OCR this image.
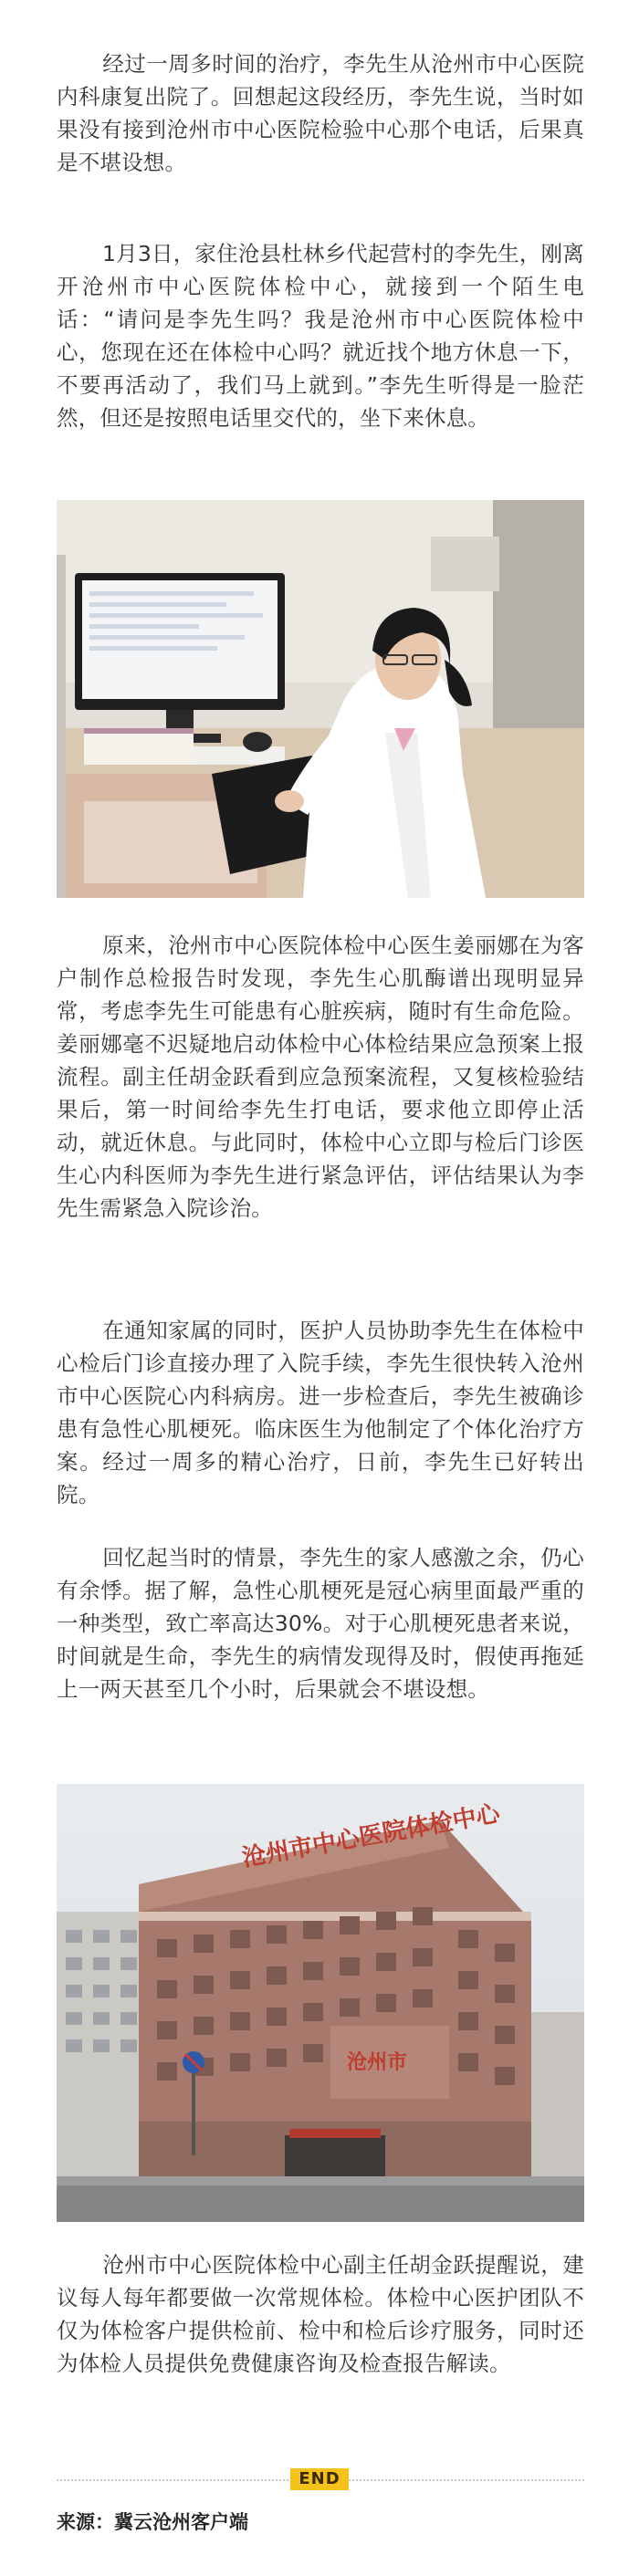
经过一周多时间的治疗，李先生从沧州市中心医院内科康复出院了。回想起这段经历，李先生说，当时如果没有接到沧州市中心医院检验中心那个电话，后果真是不堪设想。

1月3日，家住沧县杜林乡代起营村的李先生，刚离开沧州市中心医院体检中心，就接到一个陌生电话：“请问是李先生吗？我是沧州市中心医院体检中心，您现在还在体检中心吗？就近找个地方休息一下，不要再活动了，我们马上就到。”李先生听得是一脸茫然，但还是按照电话里交代的，坐下来休息。

原来，沧州市中心医院体检中心医生姜丽娜在为客户制作总检报告时发现，李先生心肌酶谱出现明显异常，考虑李先生可能患有心脏疾病，随时有生命危险。姜丽娜毫不迟疑地启动体检中心体检结果应急预案上报流程。副主任胡金跃看到应急预案流程，又复核检验结果后，第一时间给李先生打电话，要求他立即停止活动，就近休息。与此同时，体检中心立即与检后门诊医生心内科医师为李先生进行紧急评估，评估结果认为李先生需紧急入院诊治。

在通知家属的同时，医护人员协助李先生在体检中心检后门诊直接办理了入院手续，李先生很快转入沧州市中心医院心内科病房。进一步检查后，李先生被确诊患有急性心肌梗死。临床医生为他制定了个体化治疗方案。经过一周多的精心治疗，日前，李先生已好转出院。

回忆起当时的情景，李先生的家人感激之余，仍心有余悸。据了解，急性心肌梗死是冠心病里面最严重的一种类型，致亡率高达30%。对于心肌梗死患者来说，时间就是生命，李先生的病情发现得及时，假使再拖延上一两天甚至几个小时，后果就会不堪设想。

沧州市中心医院体检中心
沧州市

沧州市中心医院体检中心副主任胡金跃提醒说，建议每人每年都要做一次常规体检。体检中心医护团队不仅为体检客户提供检前、检中和检后诊疗服务，同时还为体检人员提供免费健康咨询及检查报告解读。

END

来源：冀云沧州客户端
